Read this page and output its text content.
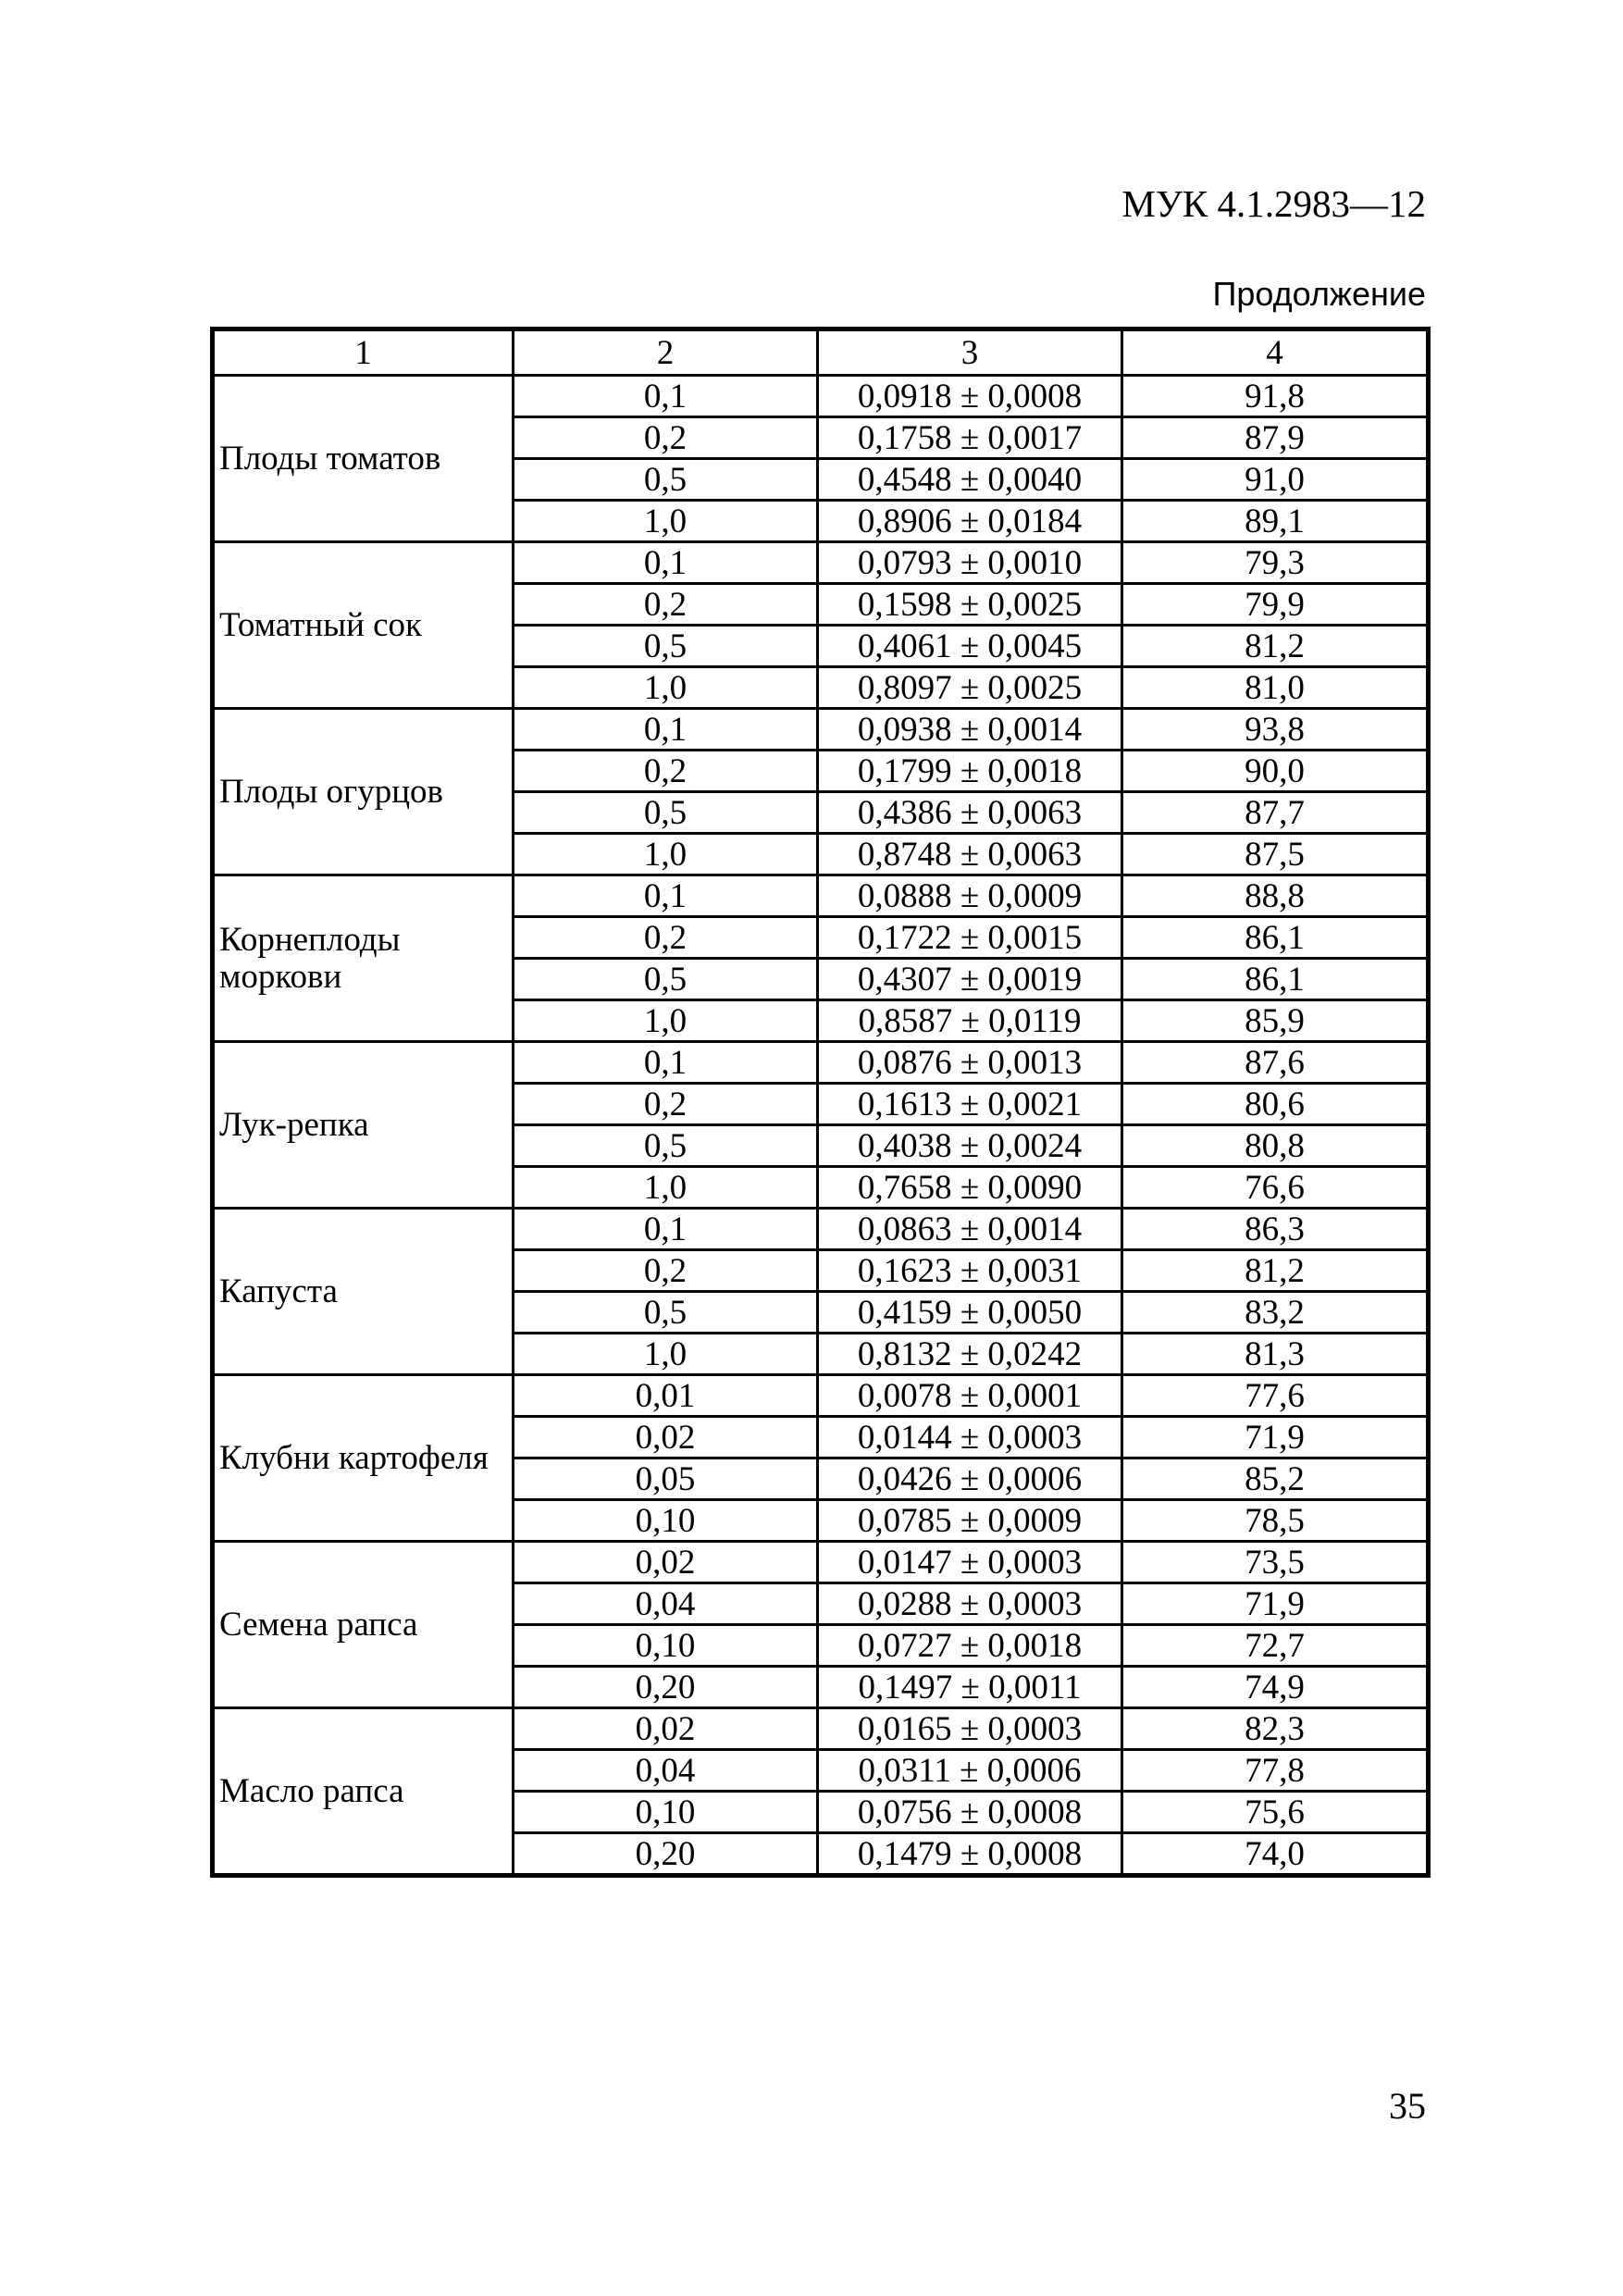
МУК 4.1.2983—12
Продолжение
1	2	3	4
Плоды томатов	0,1	0,0918 ± 0,0008	91,8
	0,2	0,1758 ± 0,0017	87,9
	0,5	0,4548 ± 0,0040	91,0
	1,0	0,8906 ± 0,0184	89,1
Томатный сок	0,1	0,0793 ± 0,0010	79,3
	0,2	0,1598 ± 0,0025	79,9
	0,5	0,4061 ± 0,0045	81,2
	1,0	0,8097 ± 0,0025	81,0
Плоды огурцов	0,1	0,0938 ± 0,0014	93,8
	0,2	0,1799 ± 0,0018	90,0
	0,5	0,4386 ± 0,0063	87,7
	1,0	0,8748 ± 0,0063	87,5
Корнеплоды моркови	0,1	0,0888 ± 0,0009	88,8
	0,2	0,1722 ± 0,0015	86,1
	0,5	0,4307 ± 0,0019	86,1
	1,0	0,8587 ± 0,0119	85,9
Лук-репка	0,1	0,0876 ± 0,0013	87,6
	0,2	0,1613 ± 0,0021	80,6
	0,5	0,4038 ± 0,0024	80,8
	1,0	0,7658 ± 0,0090	76,6
Капуста	0,1	0,0863 ± 0,0014	86,3
	0,2	0,1623 ± 0,0031	81,2
	0,5	0,4159 ± 0,0050	83,2
	1,0	0,8132 ± 0,0242	81,3
Клубни картофеля	0,01	0,0078 ± 0,0001	77,6
	0,02	0,0144 ± 0,0003	71,9
	0,05	0,0426 ± 0,0006	85,2
	0,10	0,0785 ± 0,0009	78,5
Семена рапса	0,02	0,0147 ± 0,0003	73,5
	0,04	0,0288 ± 0,0003	71,9
	0,10	0,0727 ± 0,0018	72,7
	0,20	0,1497 ± 0,0011	74,9
Масло рапса	0,02	0,0165 ± 0,0003	82,3
	0,04	0,0311 ± 0,0006	77,8
	0,10	0,0756 ± 0,0008	75,6
	0,20	0,1479 ± 0,0008	74,0
35
